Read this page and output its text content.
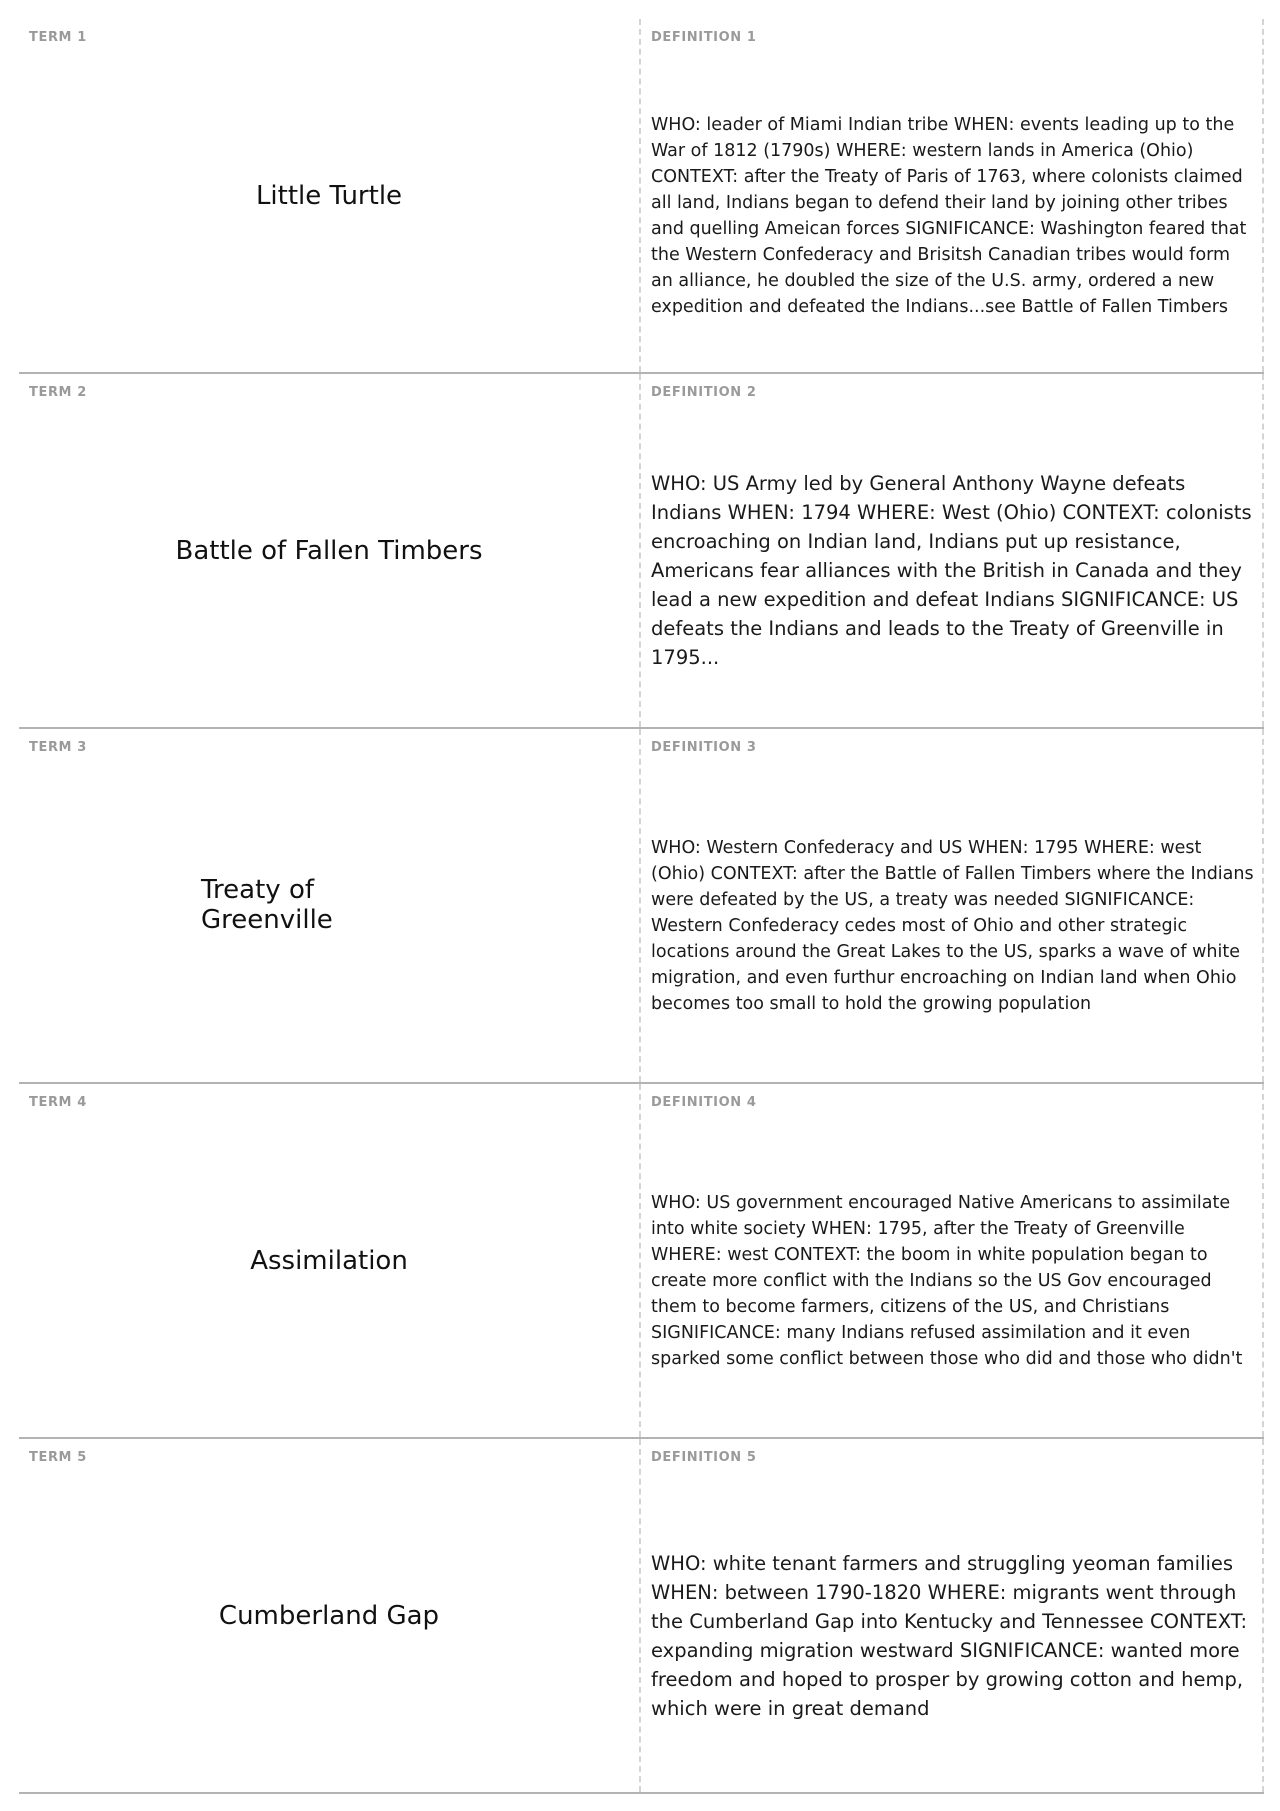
TERM 1
Little Turtle
DEFINITION 1
WHO: leader of Miami Indian tribe WHEN: events leading up to the War of 1812 (1790s) WHERE: western lands in America (Ohio) CONTEXT: after the Treaty of Paris of 1763, where colonists claimed all land, Indians began to defend their land by joining other tribes and quelling Ameican forces SIGNIFICANCE: Washington feared that the Western Confederacy and Brisitsh Canadian tribes would form an alliance, he doubled the size of the U.S. army, ordered a new expedition and defeated the Indians...see Battle of Fallen Timbers
TERM 2
Battle of Fallen Timbers
DEFINITION 2
WHO: US Army led by General Anthony Wayne defeats Indians WHEN: 1794 WHERE: West (Ohio) CONTEXT: colonists encroaching on Indian land, Indians put up resistance, Americans fear alliances with the British in Canada and they lead a new expedition and defeat Indians SIGNIFICANCE: US defeats the Indians and leads to the Treaty of Greenville in 1795...
TERM 3
Treaty of Greenville
DEFINITION 3
WHO: Western Confederacy and US WHEN: 1795 WHERE: west (Ohio) CONTEXT: after the Battle of Fallen Timbers where the Indians were defeated by the US, a treaty was needed SIGNIFICANCE: Western Confederacy cedes most of Ohio and other strategic locations around the Great Lakes to the US, sparks a wave of white migration, and even furthur encroaching on Indian land when Ohio becomes too small to hold the growing population
TERM 4
Assimilation
DEFINITION 4
WHO: US government encouraged Native Americans to assimilate into white society WHEN: 1795, after the Treaty of Greenville WHERE: west CONTEXT: the boom in white population began to create more conflict with the Indians so the US Gov encouraged them to become farmers, citizens of the US, and Christians SIGNIFICANCE: many Indians refused assimilation and it even sparked some conflict between those who did and those who didn't
TERM 5
Cumberland Gap
DEFINITION 5
WHO: white tenant farmers and struggling yeoman families WHEN: between 1790-1820 WHERE: migrants went through the Cumberland Gap into Kentucky and Tennessee CONTEXT: expanding migration westward SIGNIFICANCE: wanted more freedom and hoped to prosper by growing cotton and hemp, which were in great demand
